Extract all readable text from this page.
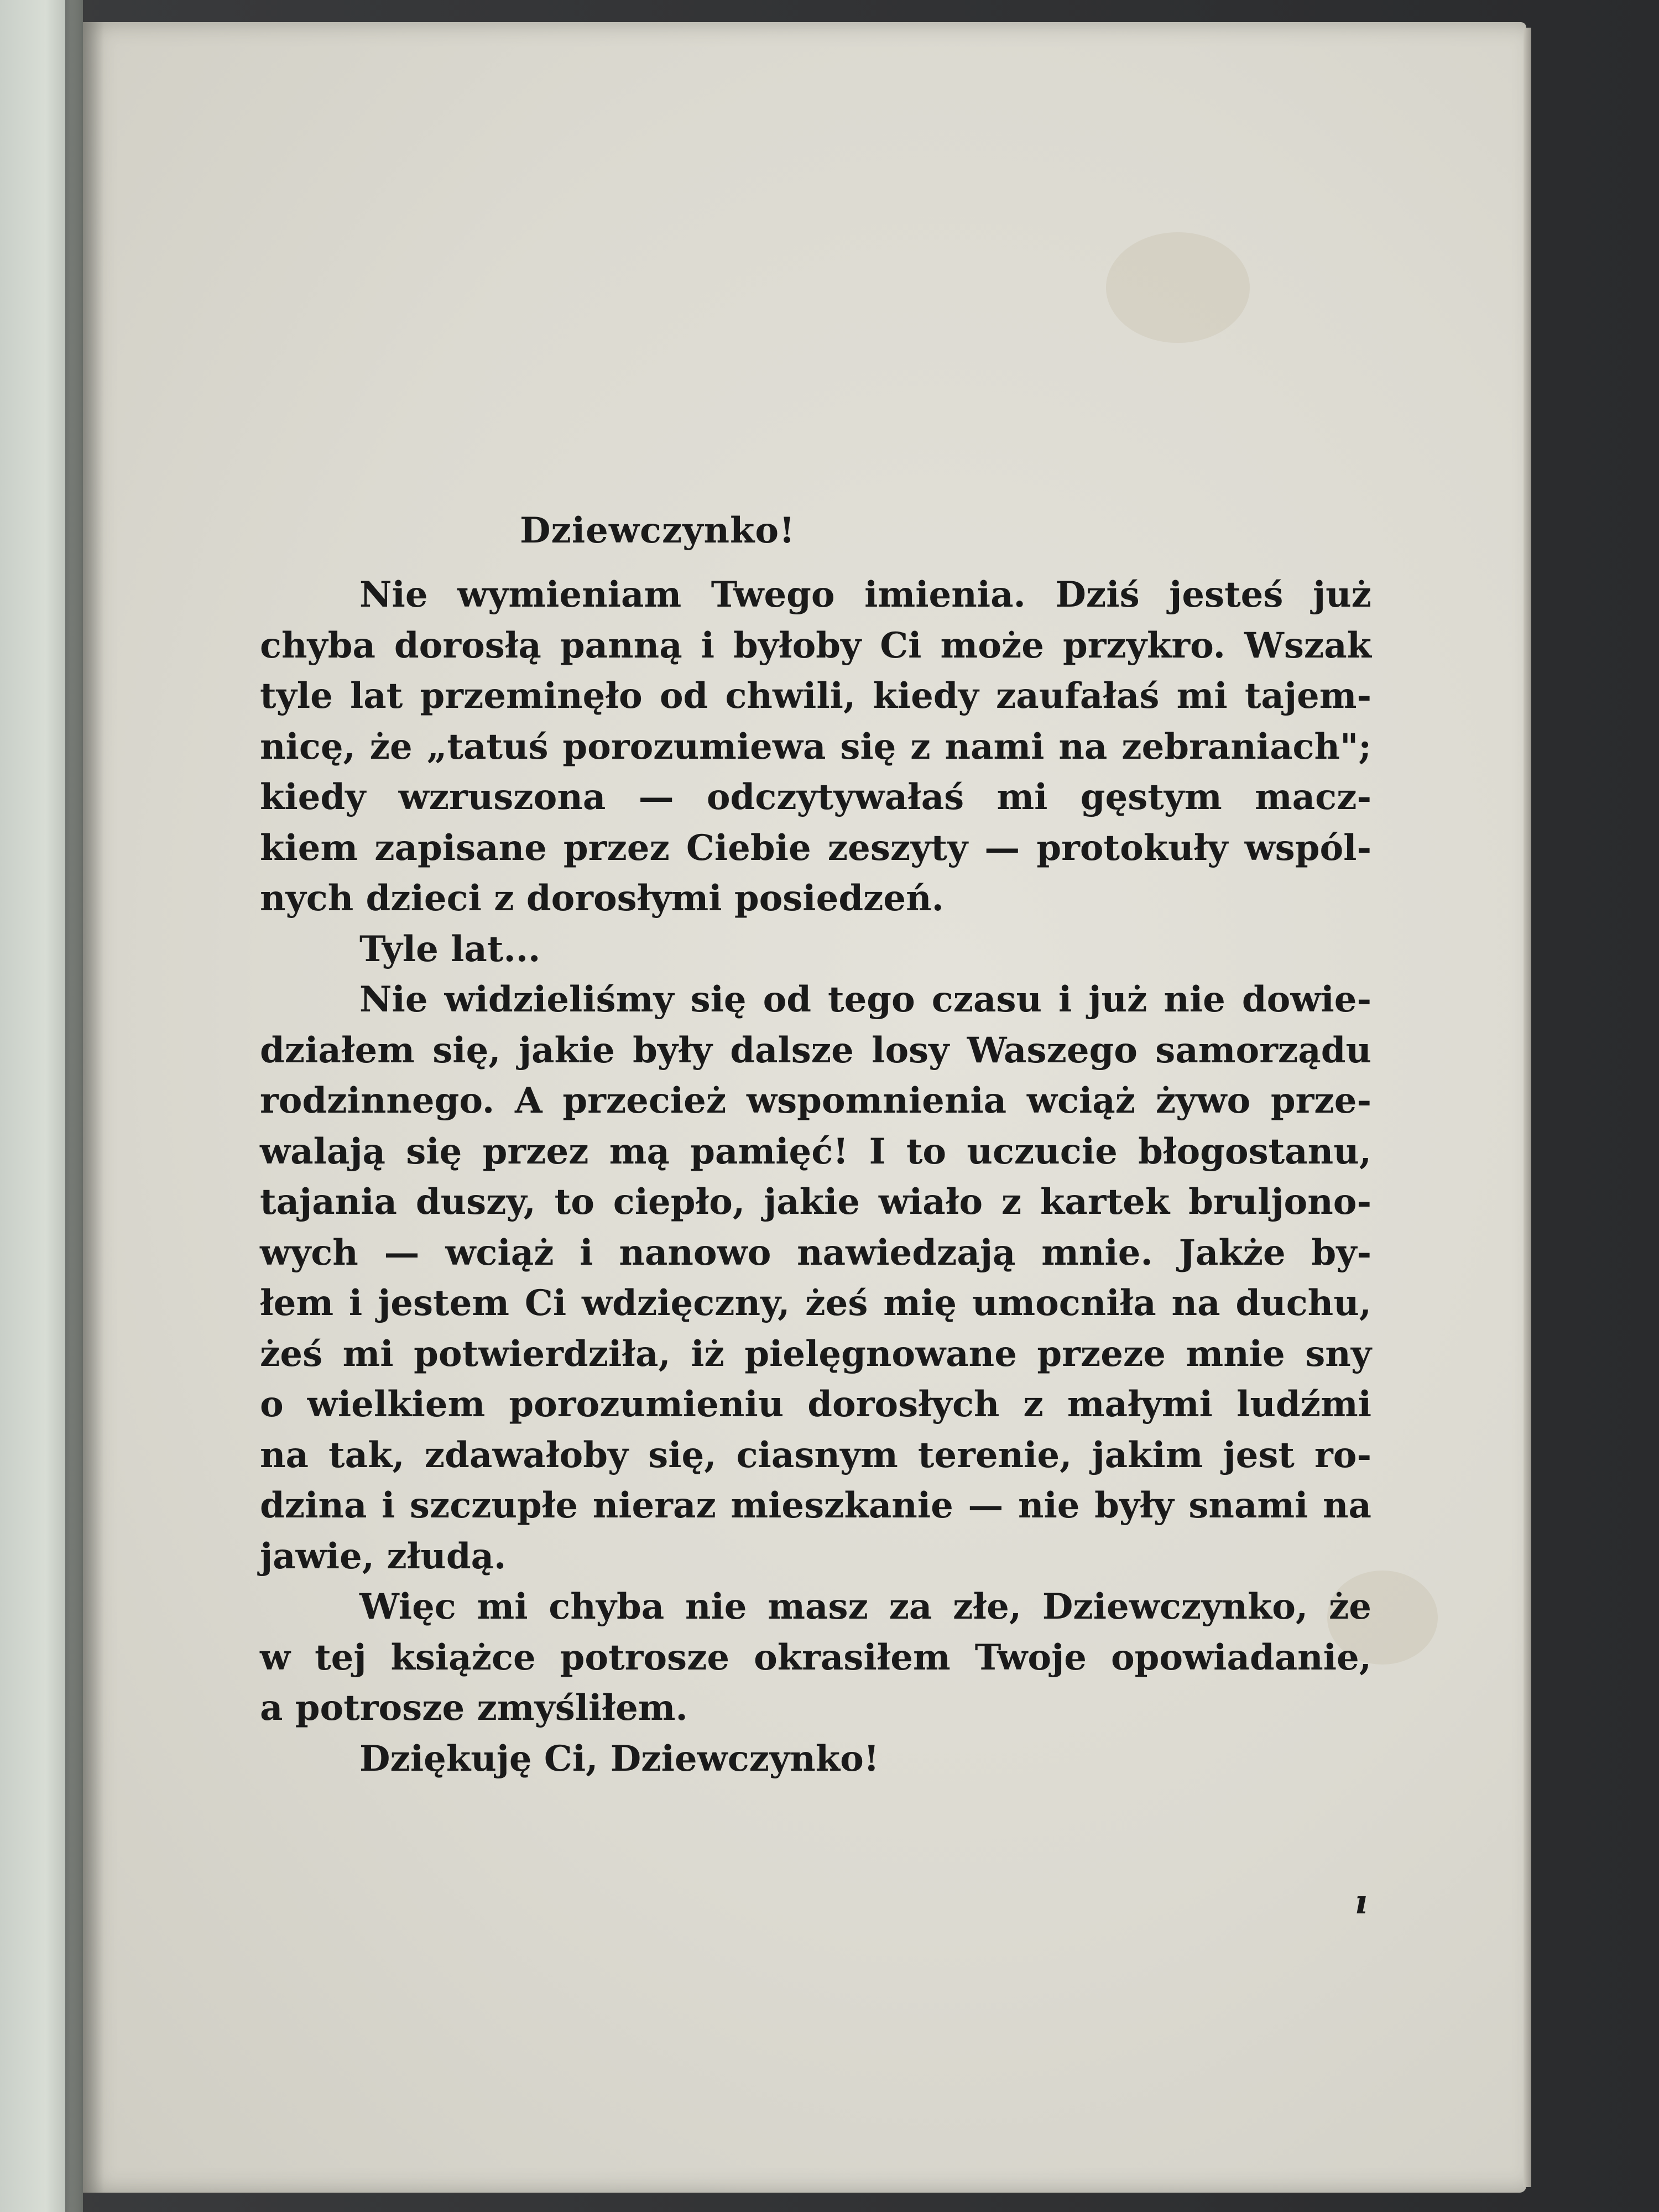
Dziewczynko!
Nie wymieniam Twego imienia. Dziś jesteś już
chyba dorosłą panną i byłoby Ci może przykro. Wszak
tyle lat przeminęło od chwili, kiedy zaufałaś mi tajem-
nicę, że „tatuś porozumiewa się z nami na zebraniach";
kiedy wzruszona — odczytywałaś mi gęstym macz-
kiem zapisane przez Ciebie zeszyty — protokuły wspól-
nych dzieci z dorosłymi posiedzeń.
Tyle lat...
Nie widzieliśmy się od tego czasu i już nie dowie-
działem się, jakie były dalsze losy Waszego samorządu
rodzinnego. A przecież wspomnienia wciąż żywo prze-
walają się przez mą pamięć! I to uczucie błogostanu,
tajania duszy, to ciepło, jakie wiało z kartek bruljono-
wych — wciąż i nanowo nawiedzają mnie. Jakże by-
łem i jestem Ci wdzięczny, żeś mię umocniła na duchu,
żeś mi potwierdziła, iż pielęgnowane przeze mnie sny
o wielkiem porozumieniu dorosłych z małymi ludźmi
na tak, zdawałoby się, ciasnym terenie, jakim jest ro-
dzina i szczupłe nieraz mieszkanie — nie były snami na
jawie, złudą.
Więc mi chyba nie masz za złe, Dziewczynko, że
w tej książce potrosze okrasiłem Twoje opowiadanie,
a potrosze zmyśliłem.
Dziękuję Ci, Dziewczynko!
ı
